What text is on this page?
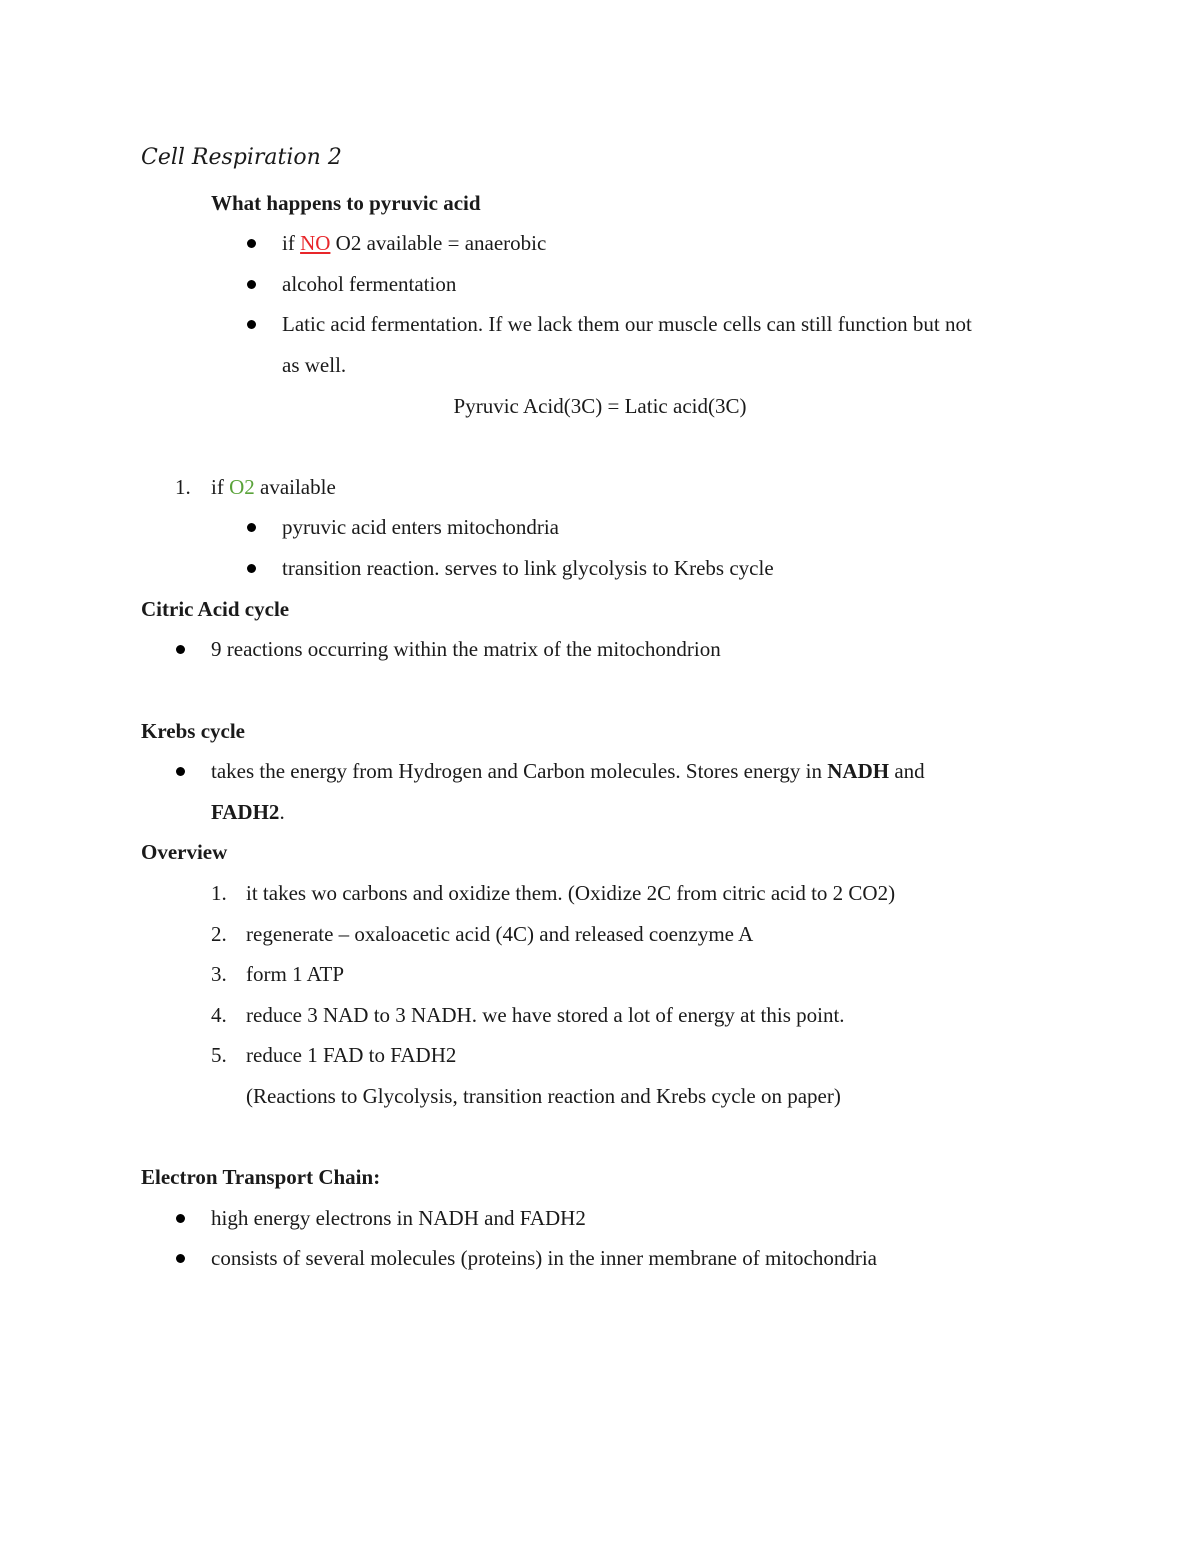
Cell Respiration 2
What happens to pyruvic acid
if NO O2 available = anaerobic
alcohol fermentation
Latic acid fermentation. If we lack them our muscle cells can still function but not
as well.
Pyruvic Acid(3C) = Latic acid(3C)
1. if O2 available
pyruvic acid enters mitochondria
transition reaction. serves to link glycolysis to Krebs cycle
Citric Acid cycle
9 reactions occurring within the matrix of the mitochondrion
Krebs cycle
takes the energy from Hydrogen and Carbon molecules. Stores energy in NADH and
FADH2.
Overview
1. it takes wo carbons and oxidize them. (Oxidize 2C from citric acid to 2 CO2)
2. regenerate – oxaloacetic acid (4C) and released coenzyme A
3. form 1 ATP
4. reduce 3 NAD to 3 NADH. we have stored a lot of energy at this point.
5. reduce 1 FAD to FADH2
(Reactions to Glycolysis, transition reaction and Krebs cycle on paper)
Electron Transport Chain:
high energy electrons in NADH and FADH2
consists of several molecules (proteins) in the inner membrane of mitochondria
